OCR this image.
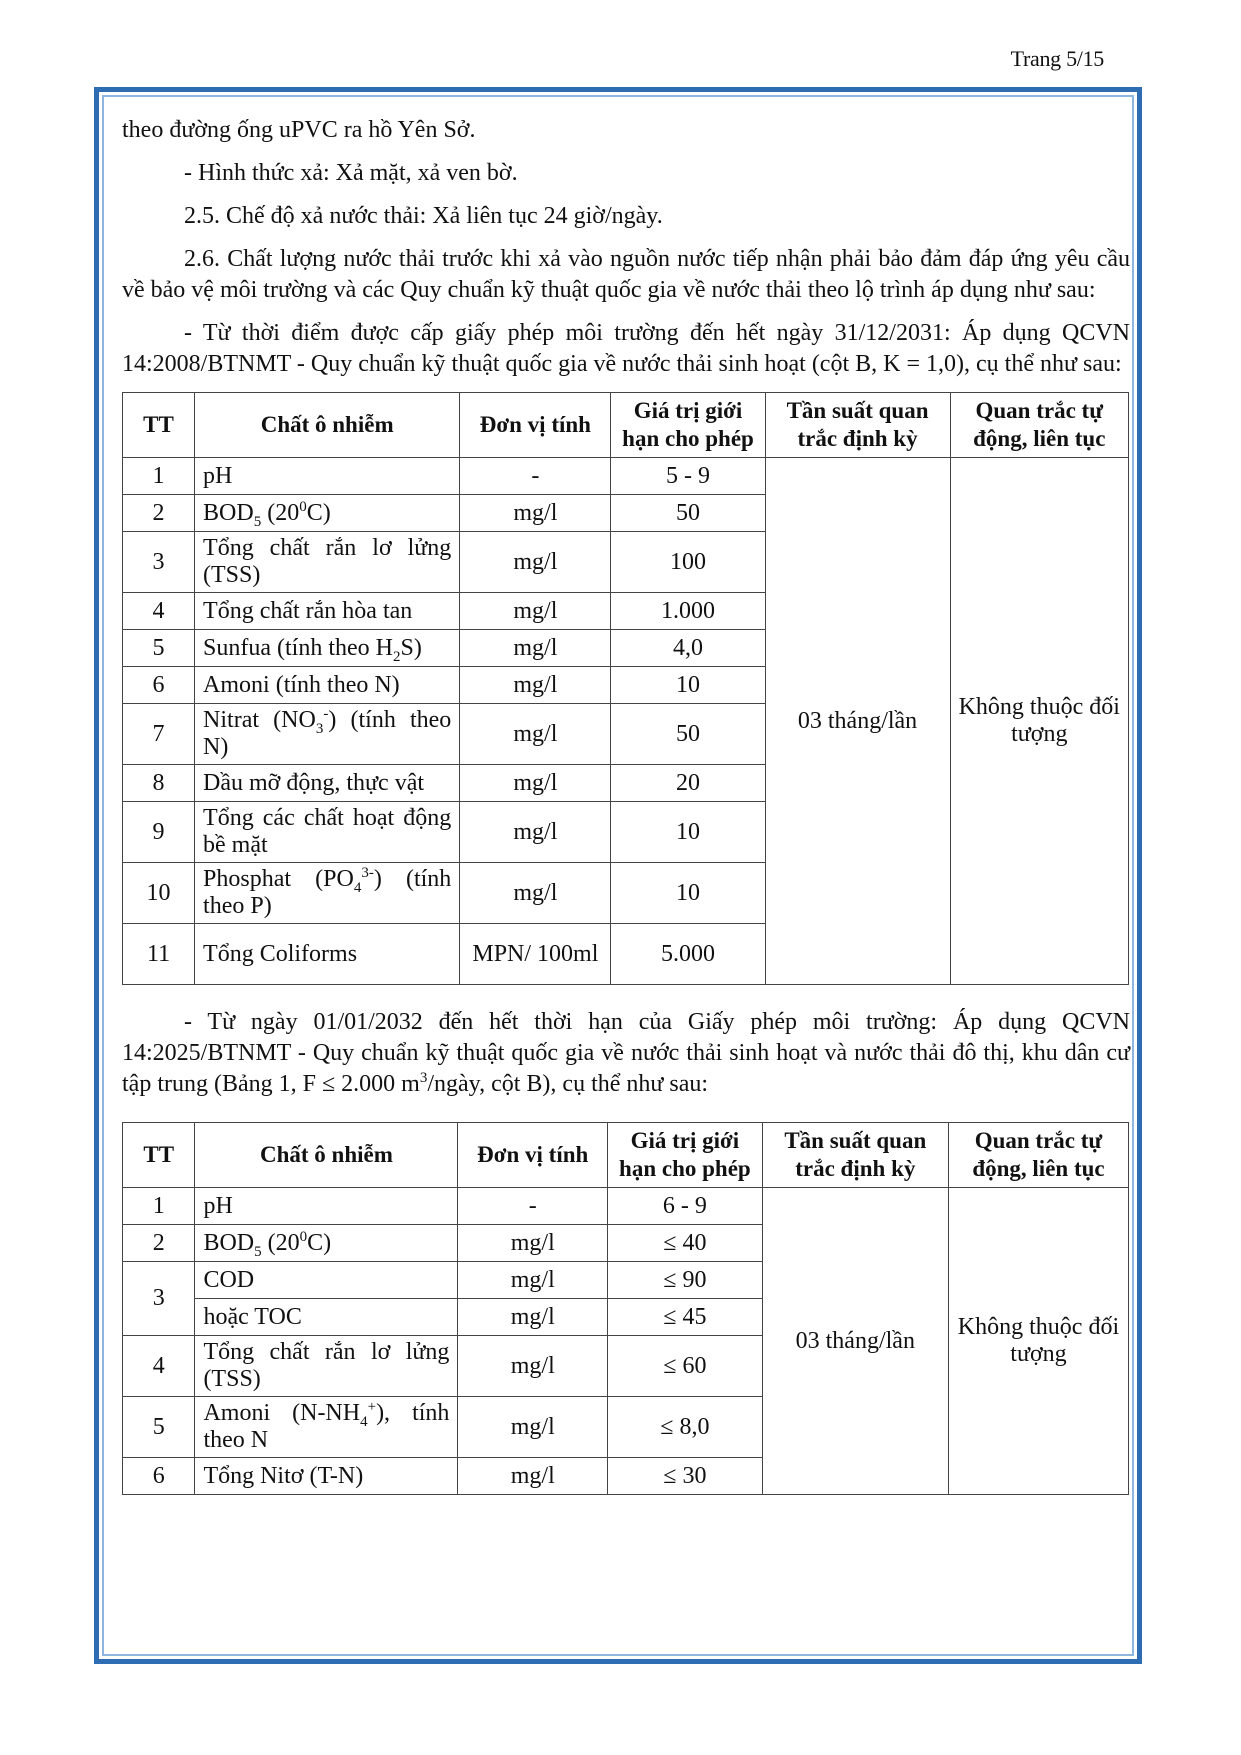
Trang 5/15

theo đường ống uPVC ra hồ Yên Sở.

- Hình thức xả: Xả mặt, xả ven bờ.

2.5. Chế độ xả nước thải: Xả liên tục 24 giờ/ngày.

2.6. Chất lượng nước thải trước khi xả vào nguồn nước tiếp nhận phải bảo đảm đáp ứng yêu cầu về bảo vệ môi trường và các Quy chuẩn kỹ thuật quốc gia về nước thải theo lộ trình áp dụng như sau:

- Từ thời điểm được cấp giấy phép môi trường đến hết ngày 31/12/2031: Áp dụng QCVN 14:2008/BTNMT - Quy chuẩn kỹ thuật quốc gia về nước thải sinh hoạt (cột B, K = 1,0), cụ thể như sau:

TT	Chất ô nhiễm	Đơn vị tính	Giá trị giới hạn cho phép	Tần suất quan trắc định kỳ	Quan trắc tự động, liên tục
1	pH	-	5 - 9	03 tháng/lần	Không thuộc đối tượng
2	$BOD_5$ $(20^0C)$	mg/l	50		
3	Tổng chất rắn lơ lửng (TSS)	mg/l	100		
4	Tổng chất rắn hòa tan	mg/l	1.000		
5	Sunfua (tính theo $H_2S$)	mg/l	4,0		
6	Amoni (tính theo N)	mg/l	10		
7	Nitrat $(NO_3^-)$ (tính theo N)	mg/l	50		
8	Dầu mỡ động, thực vật	mg/l	20		
9	Tổng các chất hoạt động bề mặt	mg/l	10		
10	Phosphat $(PO_4^{3-})$ (tính theo P)	mg/l	10		
11	Tổng Coliforms	MPN/ 100ml	5.000		

- Từ ngày 01/01/2032 đến hết thời hạn của Giấy phép môi trường: Áp dụng QCVN 14:2025/BTNMT - Quy chuẩn kỹ thuật quốc gia về nước thải sinh hoạt và nước thải đô thị, khu dân cư tập trung (Bảng 1, F ≤ 2.000 $m^3$/ngày, cột B), cụ thể như sau:

TT	Chất ô nhiễm	Đơn vị tính	Giá trị giới hạn cho phép	Tần suất quan trắc định kỳ	Quan trắc tự động, liên tục
1	pH	-	6 - 9	03 tháng/lần	Không thuộc đối tượng
2	$BOD_5$ $(20^0C)$	mg/l	≤ 40		
3	COD	mg/l	≤ 90		
	hoặc TOC	mg/l	≤ 45		
4	Tổng chất rắn lơ lửng (TSS)	mg/l	≤ 60		
5	Amoni $(N-NH_4^+)$, tính theo N	mg/l	≤ 8,0		
6	Tổng Nitơ (T-N)	mg/l	≤ 30		
